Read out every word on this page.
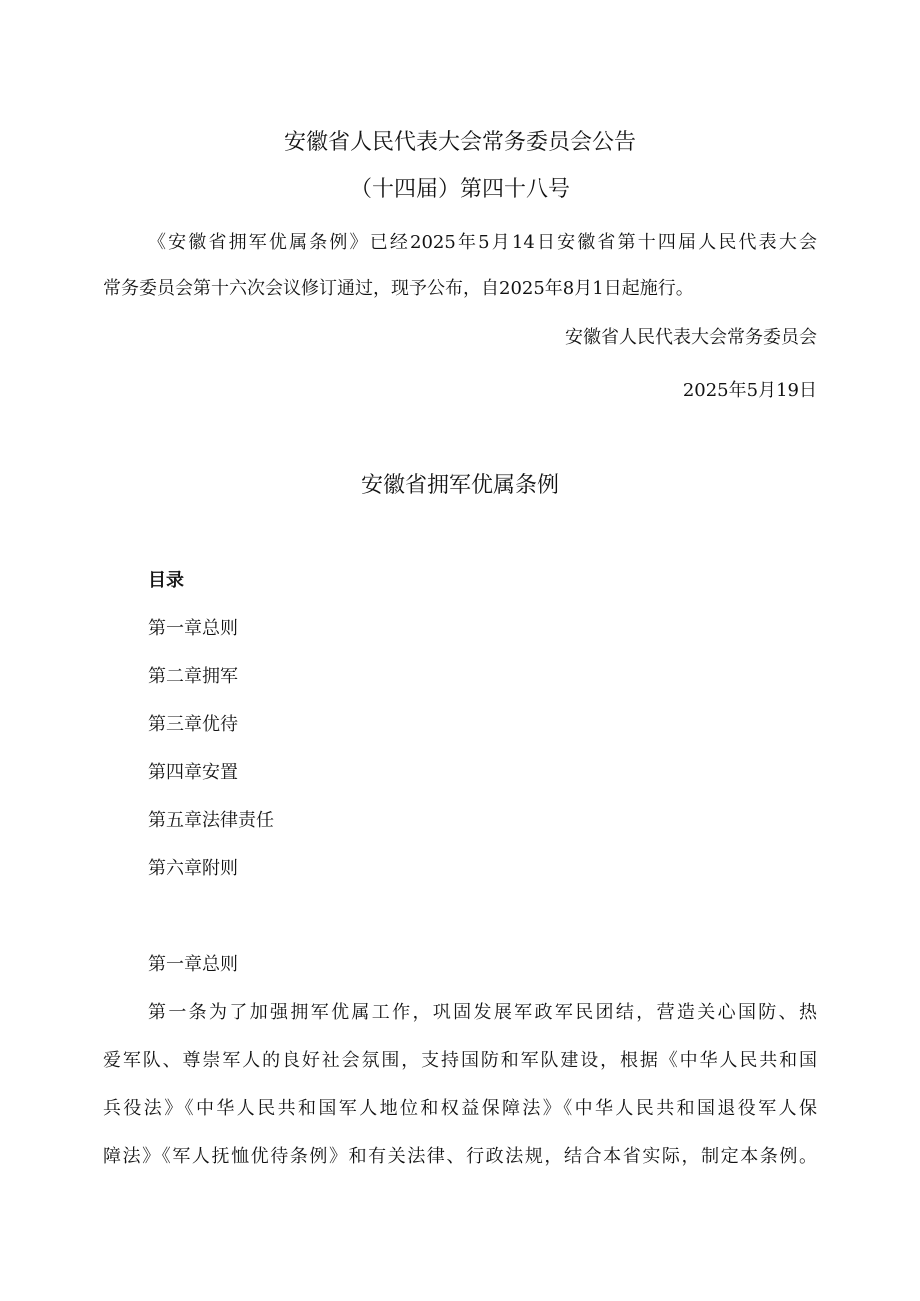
安徽省人民代表大会常务委员会公告

（十四届）第四十八号

《安徽省拥军优属条例》已经2025年5月14日安徽省第十四届人民代表大会

常务委员会第十六次会议修订通过，现予公布，自2025年8月1日起施行。

安徽省人民代表大会常务委员会

2025年5月19日

安徽省拥军优属条例

目录

第一章总则

第二章拥军

第三章优待

第四章安置

第五章法律责任

第六章附则

第一章总则

第一条为了加强拥军优属工作，巩固发展军政军民团结，营造关心国防、热

爱军队、尊崇军人的良好社会氛围，支持国防和军队建设，根据《中华人民共和国

兵役法》《中华人民共和国军人地位和权益保障法》《中华人民共和国退役军人保

障法》《军人抚恤优待条例》和有关法律、行政法规，结合本省实际，制定本条例。
